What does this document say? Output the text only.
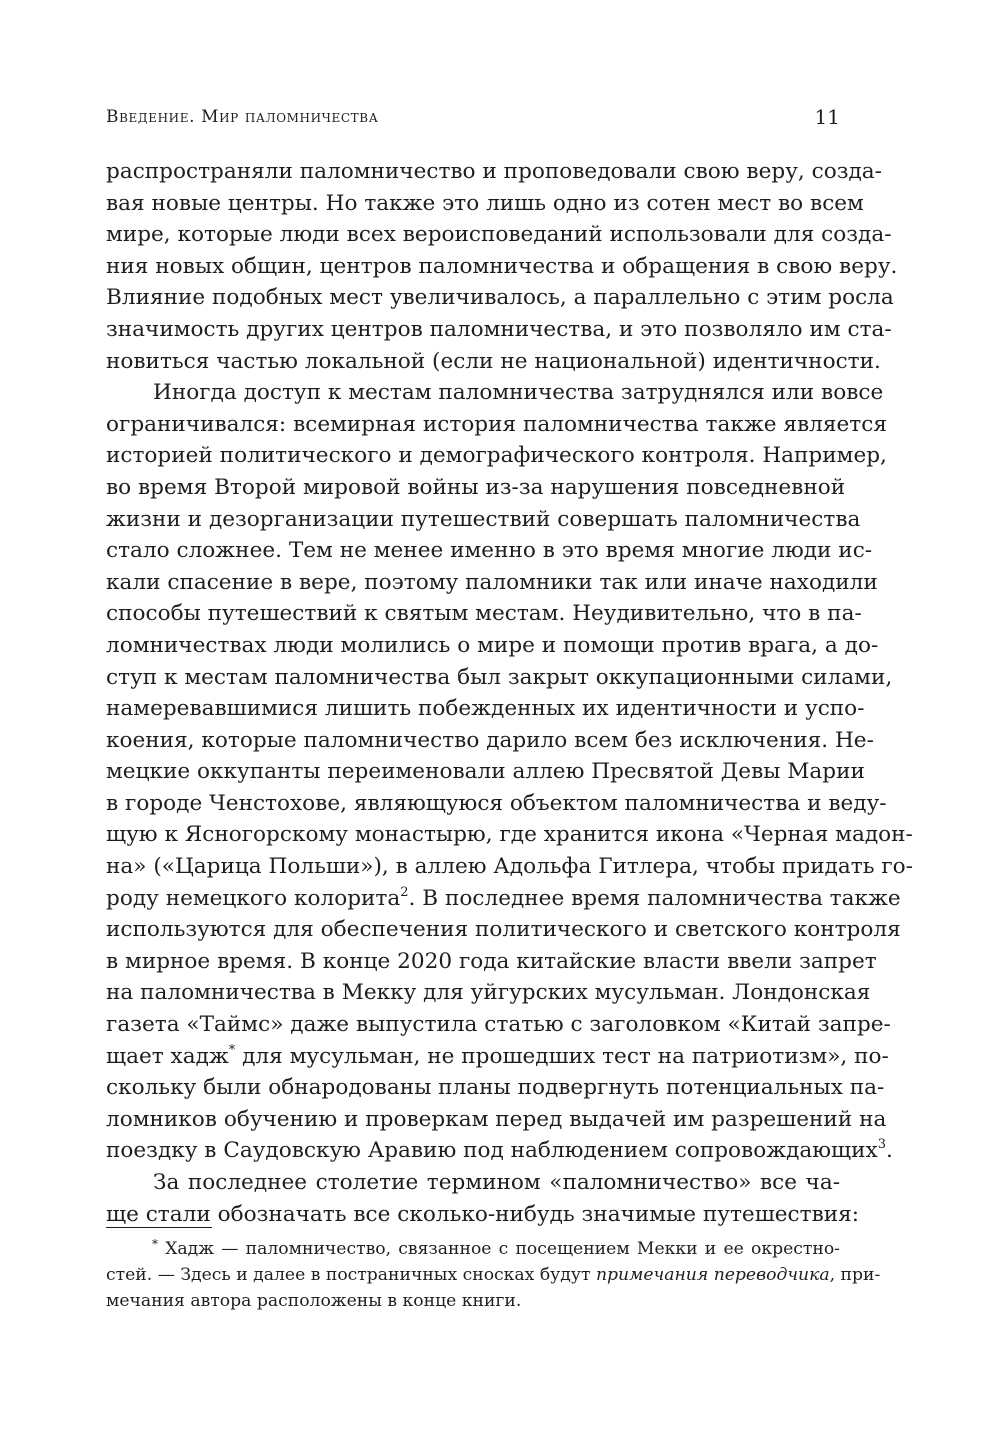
Введение. Мир паломничества	11
распространяли паломничество и проповедовали свою веру, созда-
вая новые центры. Но также это лишь одно из сотен мест во всем
мире, которые люди всех вероисповеданий использовали для созда-
ния новых общин, центров паломничества и обращения в свою веру.
Влияние подобных мест увеличивалось, а параллельно с этим росла
значимость других центров паломничества, и это позволяло им ста-
новиться частью локальной (если не национальной) идентичности.
Иногда доступ к местам паломничества затруднялся или вовсе
ограничивался: всемирная история паломничества также является
историей политического и демографического контроля. Например,
во время Второй мировой войны из-за нарушения повседневной
жизни и дезорганизации путешествий совершать паломничества
стало сложнее. Тем не менее именно в это время многие люди ис-
кали спасение в вере, поэтому паломники так или иначе находили
способы путешествий к святым местам. Неудивительно, что в па-
ломничествах люди молились о мире и помощи против врага, а до-
ступ к местам паломничества был закрыт оккупационными силами,
намеревавшимися лишить побежденных их идентичности и успо-
коения, которые паломничество дарило всем без исключения. Не-
мецкие оккупанты переименовали аллею Пресвятой Девы Марии
в городе Ченстохове, являющуюся объектом паломничества и веду-
щую к Ясногорскому монастырю, где хранится икона «Черная мадон-
на» («Царица Польши»), в аллею Адольфа Гитлера, чтобы придать го-
роду немецкого колорита$^2$. В последнее время паломничества также
используются для обеспечения политического и светского контроля
в мирное время. В конце 2020 года китайские власти ввели запрет
на паломничества в Мекку для уйгурских мусульман. Лондонская
газета «Таймс» даже выпустила статью с заголовком «Китай запре-
щает хадж* для мусульман, не прошедших тест на патриотизм», по-
скольку были обнародованы планы подвергнуть потенциальных па-
ломников обучению и проверкам перед выдачей им разрешений на
поездку в Саудовскую Аравию под наблюдением сопровождающих$^3$.
За последнее столетие термином «паломничество» все ча-
ще стали обозначать все сколько-нибудь значимые путешествия:
* Хадж — паломничество, связанное с посещением Мекки и ее окрестно-
стей. — Здесь и далее в постраничных сносках будут примечания переводчика, при-
мечания автора расположены в конце книги.
